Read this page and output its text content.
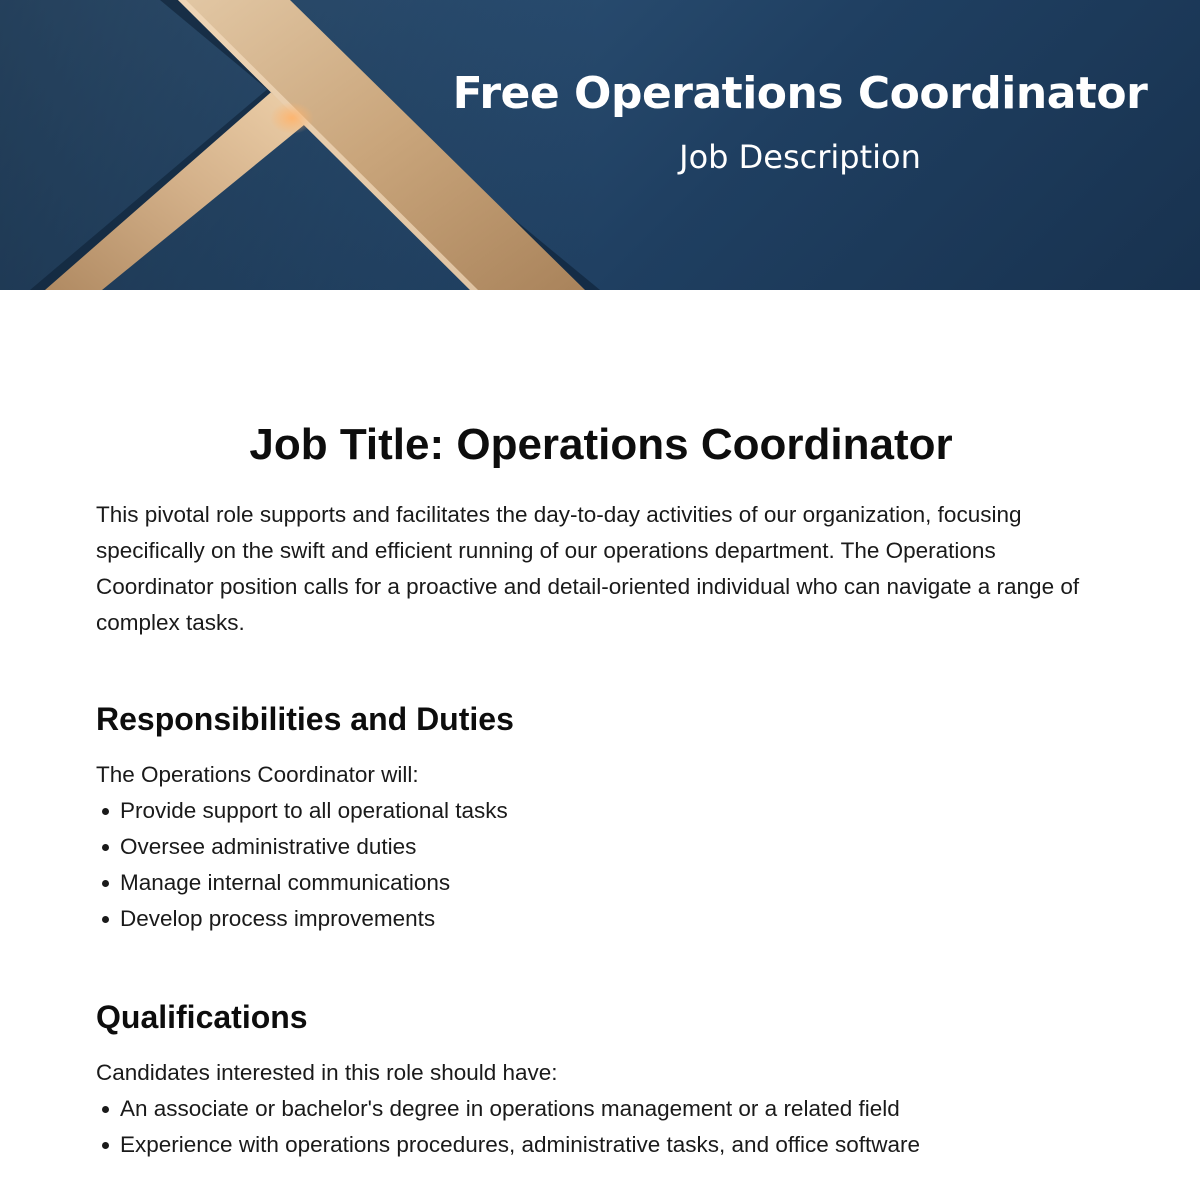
Free Operations Coordinator
Job Description
Job Title: Operations Coordinator

This pivotal role supports and facilitates the day-to-day activities of our organization, focusing specifically on the swift and efficient running of our operations department. The Operations Coordinator position calls for a proactive and detail-oriented individual who can navigate a range of complex tasks.

Responsibilities and Duties

The Operations Coordinator will:

Provide support to all operational tasks
Oversee administrative duties
Manage internal communications
Develop process improvements
Qualifications

Candidates interested in this role should have:

An associate or bachelor's degree in operations management or a related field
Experience with operations procedures, administrative tasks, and office software
